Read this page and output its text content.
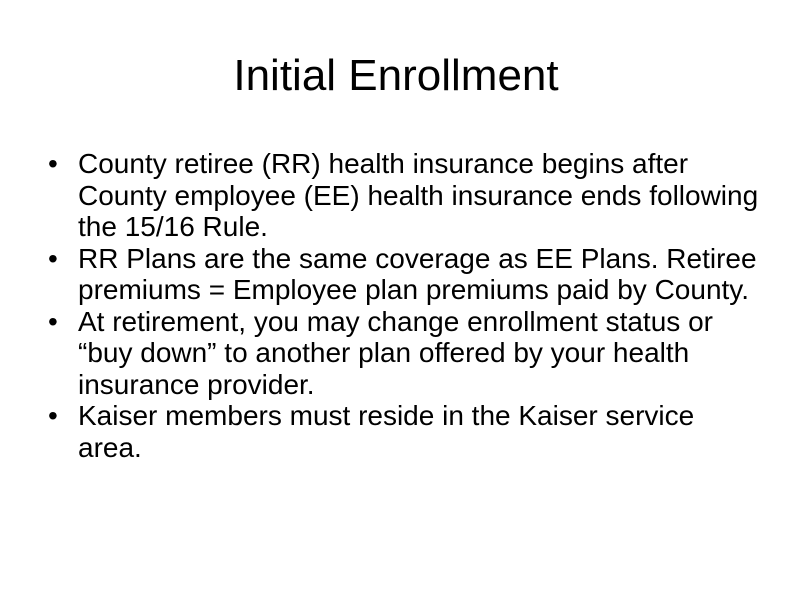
Initial Enrollment
• County retiree (RR) health insurance begins after County employee (EE) health insurance ends following the 15/16 Rule.
• RR Plans are the same coverage as EE Plans. Retiree premiums = Employee plan premiums paid by County.
• At retirement, you may change enrollment status or “buy down” to another plan offered by your health insurance provider.
• Kaiser members must reside in the Kaiser service area.
